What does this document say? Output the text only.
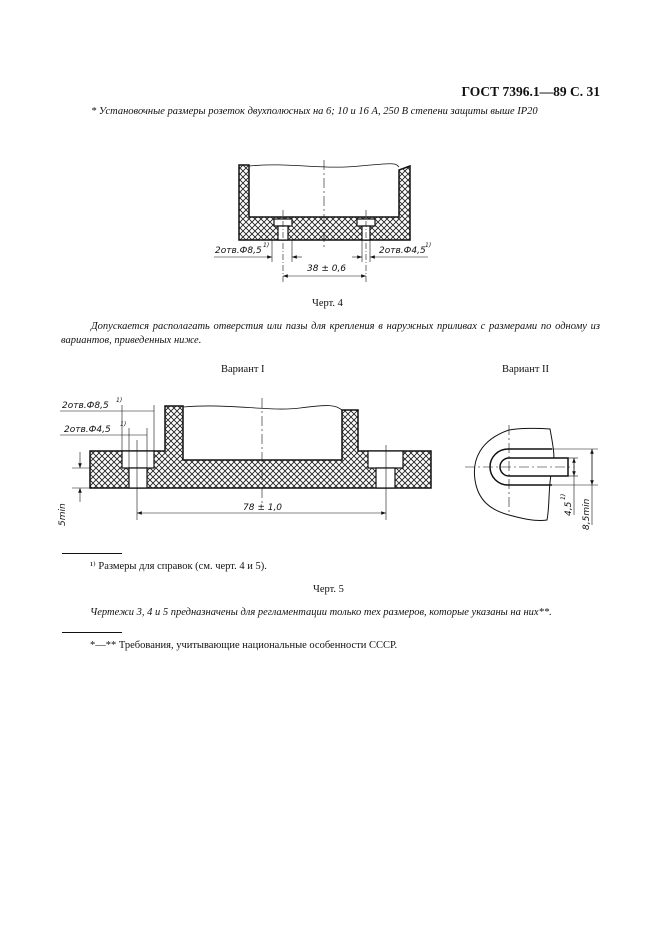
ГОСТ 7396.1—89 С. 31
* Установочные размеры розеток двухполюсных на 6; 10 и 16 А, 250 В степени защиты выше IP20
2отв.Ф8,5
1)
2отв.Ф4,5
1)
38 ± 0,6
2отв.Ф8,5
1)
2отв.Ф4,5
1)
5min	78 ± 1,0	4,5
1)
8,5min
Черт. 4
Допускается располагать отверстия или пазы для крепления в наружных приливах с размерами по одному из вариантов, приведенных ниже.
Вариант I	Вариант II
¹⁾ Размеры для справок (см. черт. 4 и 5).
Черт. 5
Чертежи 3, 4 и 5 предназначены для регламентации только тех размеров, которые указаны на них**.
*—** Требования, учитывающие национальные особенности СССР.
